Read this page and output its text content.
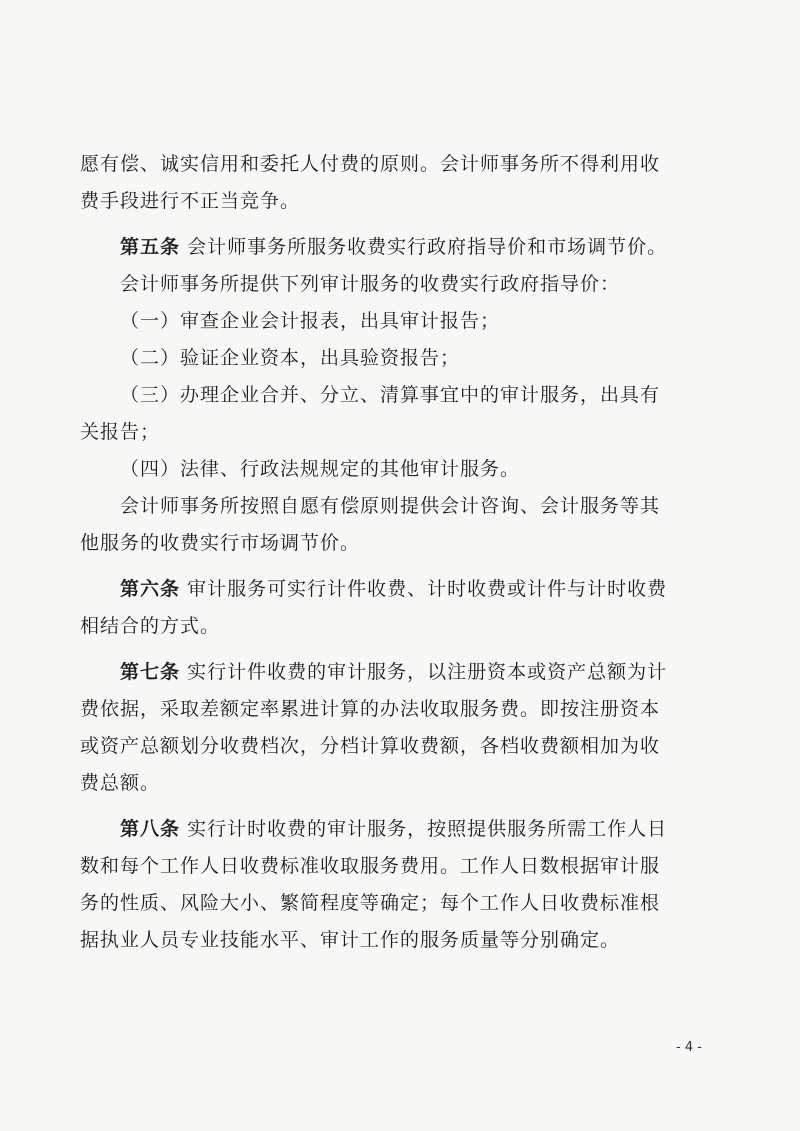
愿有偿、诚实信用和委托人付费的原则。会计师事务所不得利用收
费手段进行不正当竞争。
第五条 会计师事务所服务收费实行政府指导价和市场调节价。
会计师事务所提供下列审计服务的收费实行政府指导价：
（一）审查企业会计报表，出具审计报告；
（二）验证企业资本，出具验资报告；
（三）办理企业合并、分立、清算事宜中的审计服务，出具有
关报告；
（四）法律、行政法规规定的其他审计服务。
会计师事务所按照自愿有偿原则提供会计咨询、会计服务等其
他服务的收费实行市场调节价。
第六条 审计服务可实行计件收费、计时收费或计件与计时收费
相结合的方式。
第七条 实行计件收费的审计服务，以注册资本或资产总额为计
费依据，采取差额定率累进计算的办法收取服务费。即按注册资本
或资产总额划分收费档次，分档计算收费额，各档收费额相加为收
费总额。
第八条 实行计时收费的审计服务，按照提供服务所需工作人日
数和每个工作人日收费标准收取服务费用。工作人日数根据审计服
务的性质、风险大小、繁简程度等确定；每个工作人日收费标准根
据执业人员专业技能水平、审计工作的服务质量等分别确定。
- 4 -
